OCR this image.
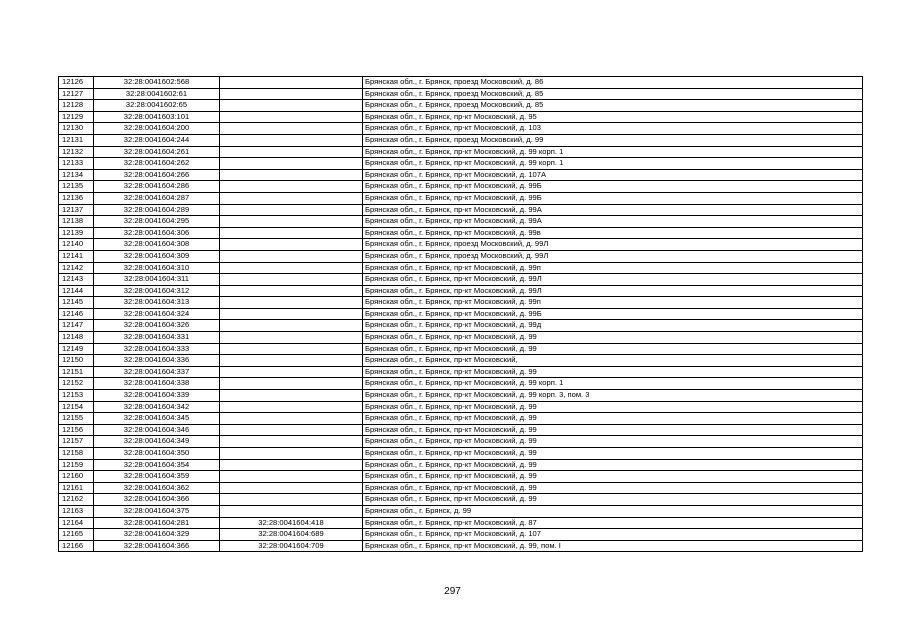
12126	32:28:0041602:568		Брянская обл., г. Брянск, проезд Московский, д. 86
12127	32:28:0041602:61		Брянская обл., г. Брянск, проезд Московский, д. 85
12128	32:28:0041602:65		Брянская обл., г. Брянск, проезд Московский, д. 85
12129	32:28:0041603:101		Брянская обл., г. Брянск, пр-кт Московский, д. 95
12130	32:28:0041604:200		Брянская обл., г. Брянск, пр-кт Московский, д. 103
12131	32:28:0041604:244		Брянская обл., г. Брянск, проезд Московский, д. 99
12132	32:28:0041604:261		Брянская обл., г. Брянск, пр-кт Московский, д. 99 корп. 1
12133	32:28:0041604:262		Брянская обл., г. Брянск, пр-кт Московский, д. 99 корп. 1
12134	32:28:0041604:266		Брянская обл., г. Брянск, пр-кт Московский, д. 107А
12135	32:28:0041604:286		Брянская обл., г. Брянск, пр-кт Московский, д. 99Б
12136	32:28:0041604:287		Брянская обл., г. Брянск, пр-кт Московский, д. 99Б
12137	32:28:0041604:289		Брянская обл., г. Брянск, пр-кт Московский, д. 99А
12138	32:28:0041604:295		Брянская обл., г. Брянск, пр-кт Московский, д. 99А
12139	32:28:0041604:306		Брянская обл., г. Брянск, пр-кт Московский, д. 99в
12140	32:28:0041604:308		Брянская обл., г. Брянск, проезд Московский, д. 99Л
12141	32:28:0041604:309		Брянская обл., г. Брянск, проезд Московский, д. 99Л
12142	32:28:0041604:310		Брянская обл., г. Брянск, пр-кт Московский, д. 99п
12143	32:28:0041604:311		Брянская обл., г. Брянск, пр-кт Московский, д. 99Л
12144	32:28:0041604:312		Брянская обл., г. Брянск, пр-кт Московский, д. 99Л
12145	32:28:0041604:313		Брянская обл., г. Брянск, пр-кт Московский, д. 99п
12146	32:28:0041604:324		Брянская обл., г. Брянск, пр-кт Московский, д. 99Б
12147	32:28:0041604:326		Брянская обл., г. Брянск, пр-кт Московский, д. 99д
12148	32:28:0041604:331		Брянская обл., г. Брянск, пр-кт Московский, д. 99
12149	32:28:0041604:333		Брянская обл., г. Брянск, пр-кт Московский, д. 99
12150	32:28:0041604:336		Брянская обл., г. Брянск, пр-кт Московский,
12151	32:28:0041604:337		Брянская обл., г. Брянск, пр-кт Московский, д. 99
12152	32:28:0041604:338		Брянская обл., г. Брянск, пр-кт Московский, д. 99 корп. 1
12153	32:28:0041604:339		Брянская обл., г. Брянск, пр-кт Московский, д. 99 корп. 3, пом. 3
12154	32:28:0041604:342		Брянская обл., г. Брянск, пр-кт Московский, д. 99
12155	32:28:0041604:345		Брянская обл., г. Брянск, пр-кт Московский, д. 99
12156	32:28:0041604:346		Брянская обл., г. Брянск, пр-кт Московский, д. 99
12157	32:28:0041604:349		Брянская обл., г. Брянск, пр-кт Московский, д. 99
12158	32:28:0041604:350		Брянская обл., г. Брянск, пр-кт Московский, д. 99
12159	32:28:0041604:354		Брянская обл., г. Брянск, пр-кт Московский, д. 99
12160	32:28:0041604:359		Брянская обл., г. Брянск, пр-кт Московский, д. 99
12161	32:28:0041604:362		Брянская обл., г. Брянск, пр-кт Московский, д. 99
12162	32:28:0041604:366		Брянская обл., г. Брянск, пр-кт Московский, д. 99
12163	32:28:0041604:375		Брянская обл., г. Брянск, д. 99
12164	32:28:0041604:281	32:28:0041604:418	Брянская обл., г. Брянск, пр-кт Московский, д. 87
12165	32:28:0041604:329	32:28:0041604:689	Брянская обл., г. Брянск, пр-кт Московский, д. 107
12166	32:28:0041604:366	32:28:0041604:709	Брянская обл., г. Брянск, пр-кт Московский, д. 99, пом. I
297
